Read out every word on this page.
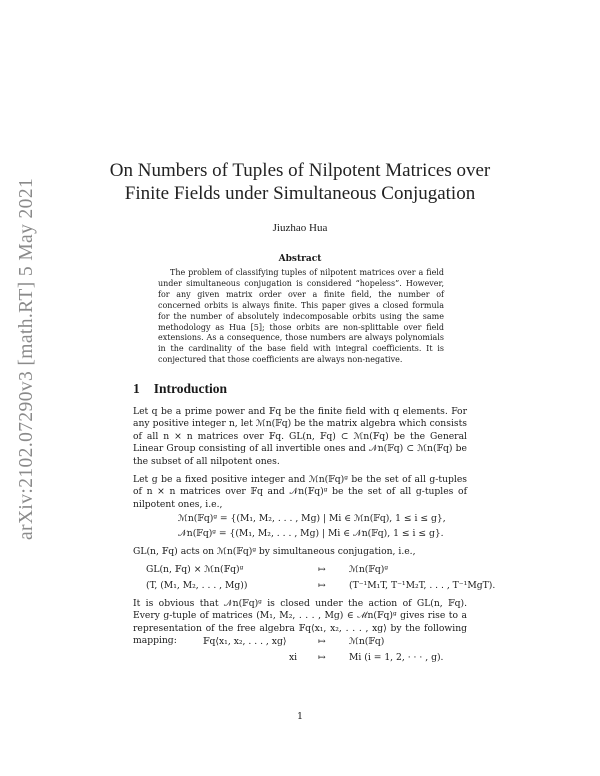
arXiv:2102.07290v3 [math.RT] 5 May 2021
On Numbers of Tuples of Nilpotent Matrices over
Finite Fields under Simultaneous Conjugation
Jiuzhao Hua
Abstract

The problem of classifying tuples of nilpotent matrices over a field under simultaneous conjugation is considered “hopeless”. However, for any given matrix order over a finite field, the number of concerned orbits is always finite. This paper gives a closed formula for the number of absolutely indecomposable orbits using the same methodology as Hua [5]; those orbits are non-splittable over field extensions. As a consequence, those numbers are always polynomials in the cardinality of the base field with integral coefficients. It is conjectured that those coefficients are always non-negative.

1 Introduction

Let q be a prime power and 𝔽q be the finite field with q elements. For any positive integer n, let ℳn(𝔽q) be the matrix algebra which consists of all n × n matrices over 𝔽q. GL(n, 𝔽q) ⊂ ℳn(𝔽q) be the General Linear Group consisting of all invertible ones and 𝒩n(𝔽q) ⊂ ℳn(𝔽q) be the subset of all nilpotent ones.

Let g be a fixed positive integer and ℳn(𝔽q)ᵍ be the set of all g-tuples of n × n matrices over 𝔽q and 𝒩n(𝔽q)ᵍ be the set of all g-tuples of nilpotent ones, i.e.,

ℳn(𝔽q)ᵍ = {(M₁, M₂, . . . , Mg) | Mi ∈ ℳn(𝔽q), 1 ≤ i ≤ g},
𝒩n(𝔽q)ᵍ = {(M₁, M₂, . . . , Mg) | Mi ∈ 𝒩n(𝔽q), 1 ≤ i ≤ g}.

GL(n, 𝔽q) acts on ℳn(𝔽q)ᵍ by simultaneous conjugation, i.e.,

GL(n, 𝔽q) × ℳn(𝔽q)ᵍ	↦	ℳn(𝔽q)ᵍ
(T, (M₁, M₂, . . . , Mg))	↦	(T⁻¹M₁T, T⁻¹M₂T, . . . , T⁻¹MgT).

It is obvious that 𝒩n(𝔽q)ᵍ is closed under the action of GL(n, 𝔽q). Every g-tuple of matrices (M₁, M₂, . . . , Mg) ∈ ℳn(𝔽q)ᵍ gives rise to a representation of the free algebra 𝔽q⟨x₁, x₂, . . . , xg⟩ by the following mapping:	𝔽q⟨x₁, x₂, . . . , xg⟩	↦	ℳn(𝔽q)
xi ↦	Mi (i = 1, 2, · · · , g).
1
